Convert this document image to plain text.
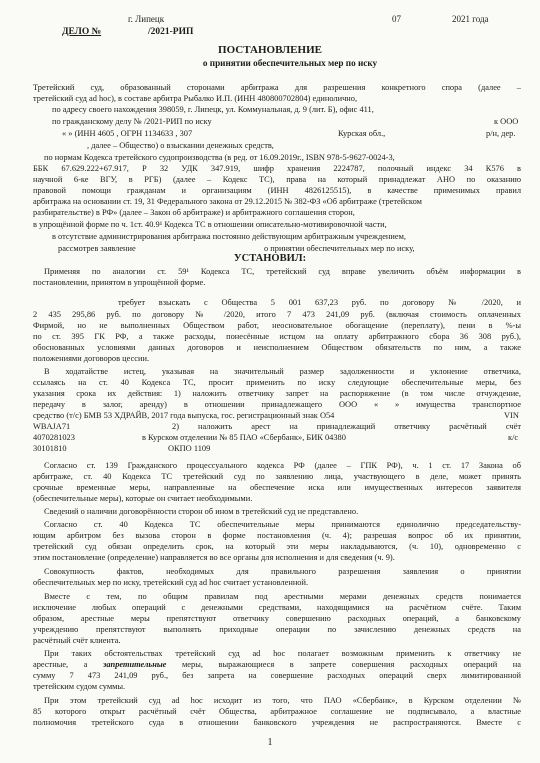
г. Липецк	07	2021 года
ДЕЛО №	/2021-РИП
ПОСТАНОВЛЕНИЕ
о принятии обеспечительных мер по иску
Третейский суд, образованный сторонами арбитража для разрешения конкретного спора (далее –
третейский суд ad hoc), в составе арбитра Рыбалко И.П. (ИНН 480800702804) единолично,
по адресу своего нахождения 398059, г. Липецк, ул. Коммунальная, д. 9 (лит. Б), офис 411,
по гражданскому делу № /2021-РИП по иску	к ООО
« » (ИНН 4605 , ОГРН 1134633 , 307	Курская обл.,	р/н, дер.
, далее – Общество) о взыскании денежных средств,
по нормам Кодекса третейского судопроизводства (в ред. от 16.09.2019г., ISBN 978-5-9627-0024-3,
ББК 67.629.222+67.917, Р 32 УДК 347.919, шифр хранения 2224787, полочный индекс 34 К576 в
научной 6-ке ВГУ, в РГБ) (далее – Кодекс ТС), права на который принадлежат АНО по оказанию
правовой помощи гражданам и организациям (ИНН 4826125515), в качестве применимых правил
арбитража на основании ст. 19, 31 Федерального закона от 29.12.2015 № 382-ФЗ «Об арбитраже (третейском
разбирательстве) в РФ» (далее – Закон об арбитраже) и арбитражного соглашения сторон,
в упрощённой форме по ч. 1ст. 40.9¹ Кодекса ТС в отношении описательно-мотивировочной части,
в отсутствие администрирования арбитража постоянно действующим арбитражным учреждением,
рассмотрев заявление	о принятии обеспечительных мер по иску,
УСТАНОВИЛ:
Применяя по аналогии ст. 59¹ Кодекса ТС, третейский суд вправе увеличить объём информации в
постановлении, принятом в упрощённой форме.
требует взыскать с Общества 5 001 637,23 руб. по договору № /2020, и
2 435 295,86 руб. по договору № /2020, итого 7 473 241,09 руб. (включая стоимость оплаченных
Фирмой, но не выполненных Обществом работ, неосновательное обогащение (переплату), пени в %-ы
по ст. 395 ГК РФ, а также расходы, понесённые истцом на оплату арбитражного сбора 36 308 руб.),
обоснованных условиями данных договоров и неисполнением Обществом обязательств по ним, а также
положениями договоров цессии.
В ходатайстве истец, указывая на значительный размер задолженности и уклонение ответчика,
ссылаясь на ст. 40 Кодекса ТС, просит применить по иску следующие обеспечительные меры, без
указания срока их действия: 1) наложить ответчику запрет на распоряжение (в том числе отчуждение,
передачу в залог, аренду) в отношении принадлежащего ООО « » имущества транспортное
средство (т/с) БМВ 53 ХДРАЙВ, 2017 года выпуска, гос. регистрационный знак О54	VIN
WBAJA71	2) наложить арест на принадлежащий ответчику расчётный счёт
4070281023	в Курском отделении № 85 ПАО «Сбербанк», БИК 04380	к/с
30101810	ОКПО 1109
Согласно ст. 139 Гражданского процессуального кодекса РФ (далее – ГПК РФ), ч. 1 ст. 17 Закона об
арбитраже, ст. 40 Кодекса ТС третейский суд по заявлению лица, участвующего в деле, может принять
срочные временные меры, направленные на обеспечение иска или имущественных интересов заявителя
(обеспечительные меры), которые он считает необходимыми.
Сведений о наличии договорённости сторон об ином в третейский суд не представлено.
Согласно ст. 40 Кодекса ТС обеспечительные меры принимаются единолично председательству-
ющим арбитром без вызова сторон в форме постановления (ч. 4); разрешая вопрос об их принятии,
третейский суд обязан определить срок, на который эти меры накладываются, (ч. 10), одновременно с
этим постановление (определение) направляется во все органы для исполнения и для сведения (ч. 9).
Совокупность фактов, необходимых для правильного разрешения заявления о принятии
обеспечительных мер по иску, третейский суд ad hoc считает установленной.
Вместе с тем, по общим правилам под арестными мерами денежных средств понимается
исключение любых операций с денежными средствами, находящимися на расчётном счёте. Таким
образом, арестные меры препятствуют ответчику совершению расходных операций, а банковскому
учреждению препятствуют выполнять приходные операции по зачислению денежных средств на
расчётный счёт клиента.
При таких обстоятельствах третейский суд ad hoc полагает возможным применить к ответчику не
арестные, а запретительные меры, выражающиеся в запрете совершения расходных операций на
сумму 7 473 241,09 руб., без запрета на совершение расходных операций сверх лимитированной
третейским судом суммы.
При этом третейский суд ad hoc исходит из того, что ПАО «Сбербанк», в Курском отделении №
85 которого открыт расчётный счёт Общества, арбитражное соглашение не подписывало, а властные
полномочия третейского суда в отношении банковского учреждения не распространяются. Вместе с
1
